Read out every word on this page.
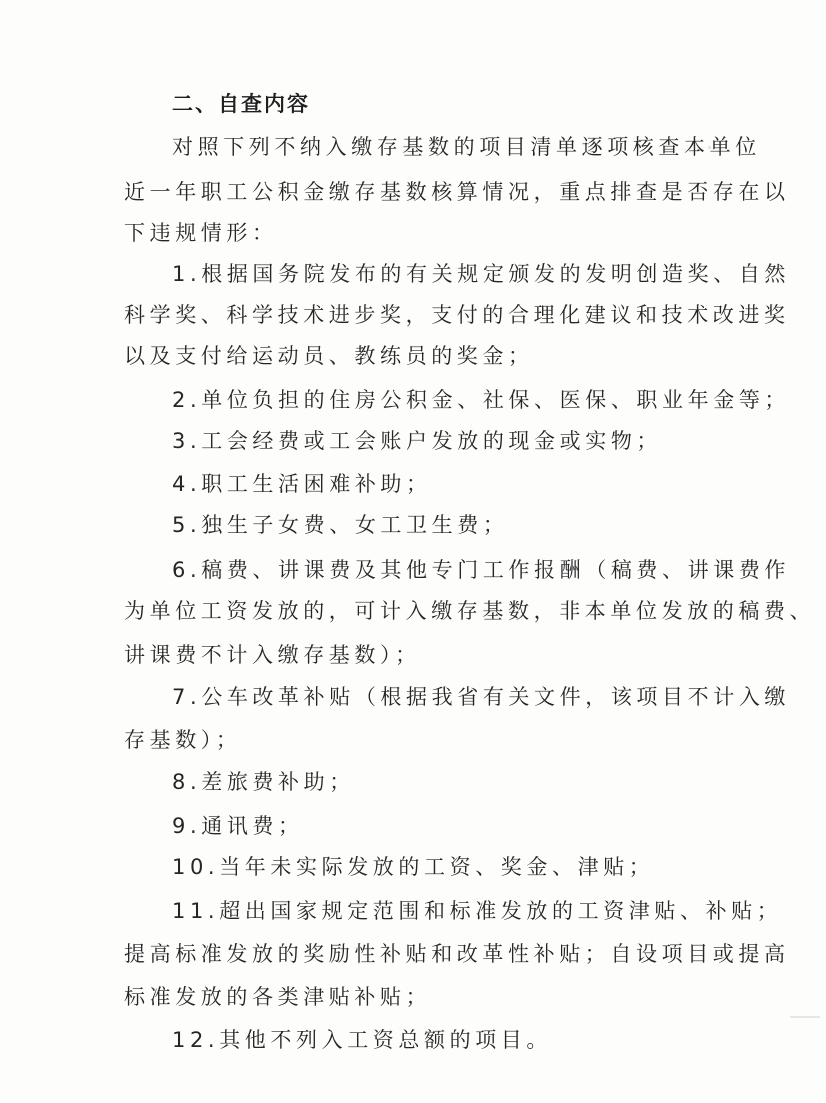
二、自查内容
对照下列不纳入缴存基数的项目清单逐项核查本单位
近一年职工公积金缴存基数核算情况，重点排查是否存在以
下违规情形：
1.根据国务院发布的有关规定颁发的发明创造奖、自然
科学奖、科学技术进步奖，支付的合理化建议和技术改进奖
以及支付给运动员、教练员的奖金；
2.单位负担的住房公积金、社保、医保、职业年金等；
3.工会经费或工会账户发放的现金或实物；
4.职工生活困难补助；
5.独生子女费、女工卫生费；
6.稿费、讲课费及其他专门工作报酬（稿费、讲课费作
为单位工资发放的，可计入缴存基数，非本单位发放的稿费、
讲课费不计入缴存基数）；
7.公车改革补贴（根据我省有关文件，该项目不计入缴
存基数）；
8.差旅费补助；
9.通讯费；
10.当年未实际发放的工资、奖金、津贴；
11.超出国家规定范围和标准发放的工资津贴、补贴；
提高标准发放的奖励性补贴和改革性补贴；自设项目或提高
标准发放的各类津贴补贴；
12.其他不列入工资总额的项目。
